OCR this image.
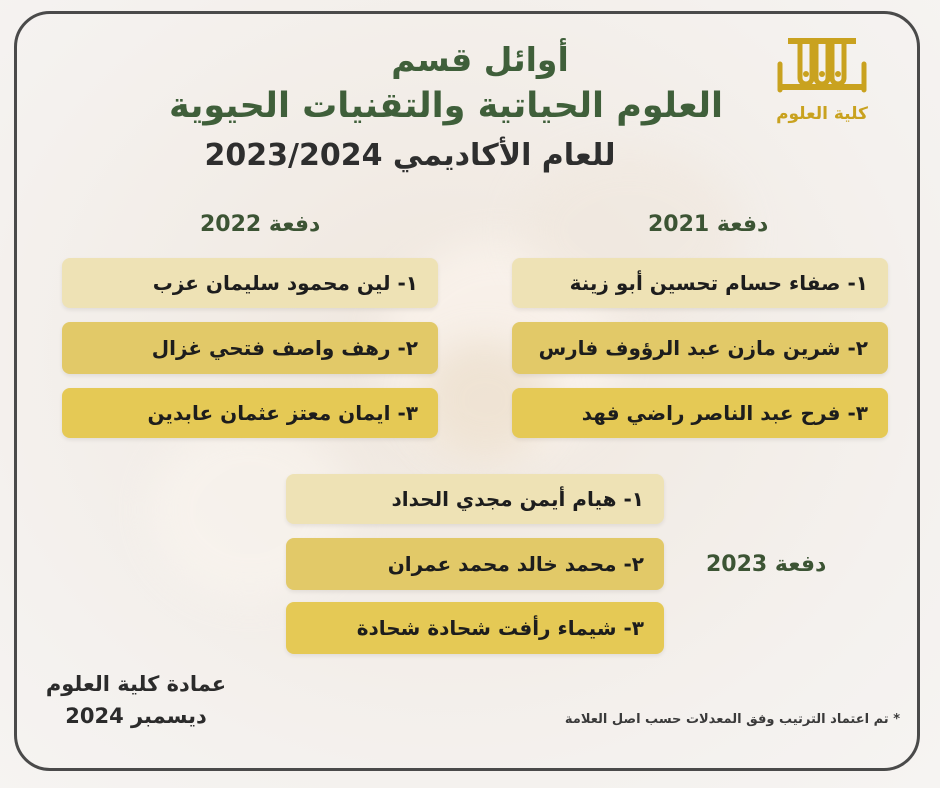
أوائل قسم
العلوم الحياتية والتقنيات الحيوية
للعام الأكاديمي 2023/2024
كلية العلوم
دفعة 2022
١- لين محمود سليمان عزب
٢- رهف واصف فتحي غزال
٣- ايمان معتز عثمان عابدين
دفعة 2021
١- صفاء حسام تحسين أبو زينة
٢- شرين مازن عبد الرؤوف فارس
٣- فرح عبد الناصر راضي فهد
١- هيام أيمن مجدي الحداد
٢- محمد خالد محمد عمران
٣- شيماء رأفت شحادة شحادة
دفعة 2023
عمادة كلية العلوم
ديسمبر 2024	* تم اعتماد الترتيب وفق المعدلات حسب اصل العلامة
